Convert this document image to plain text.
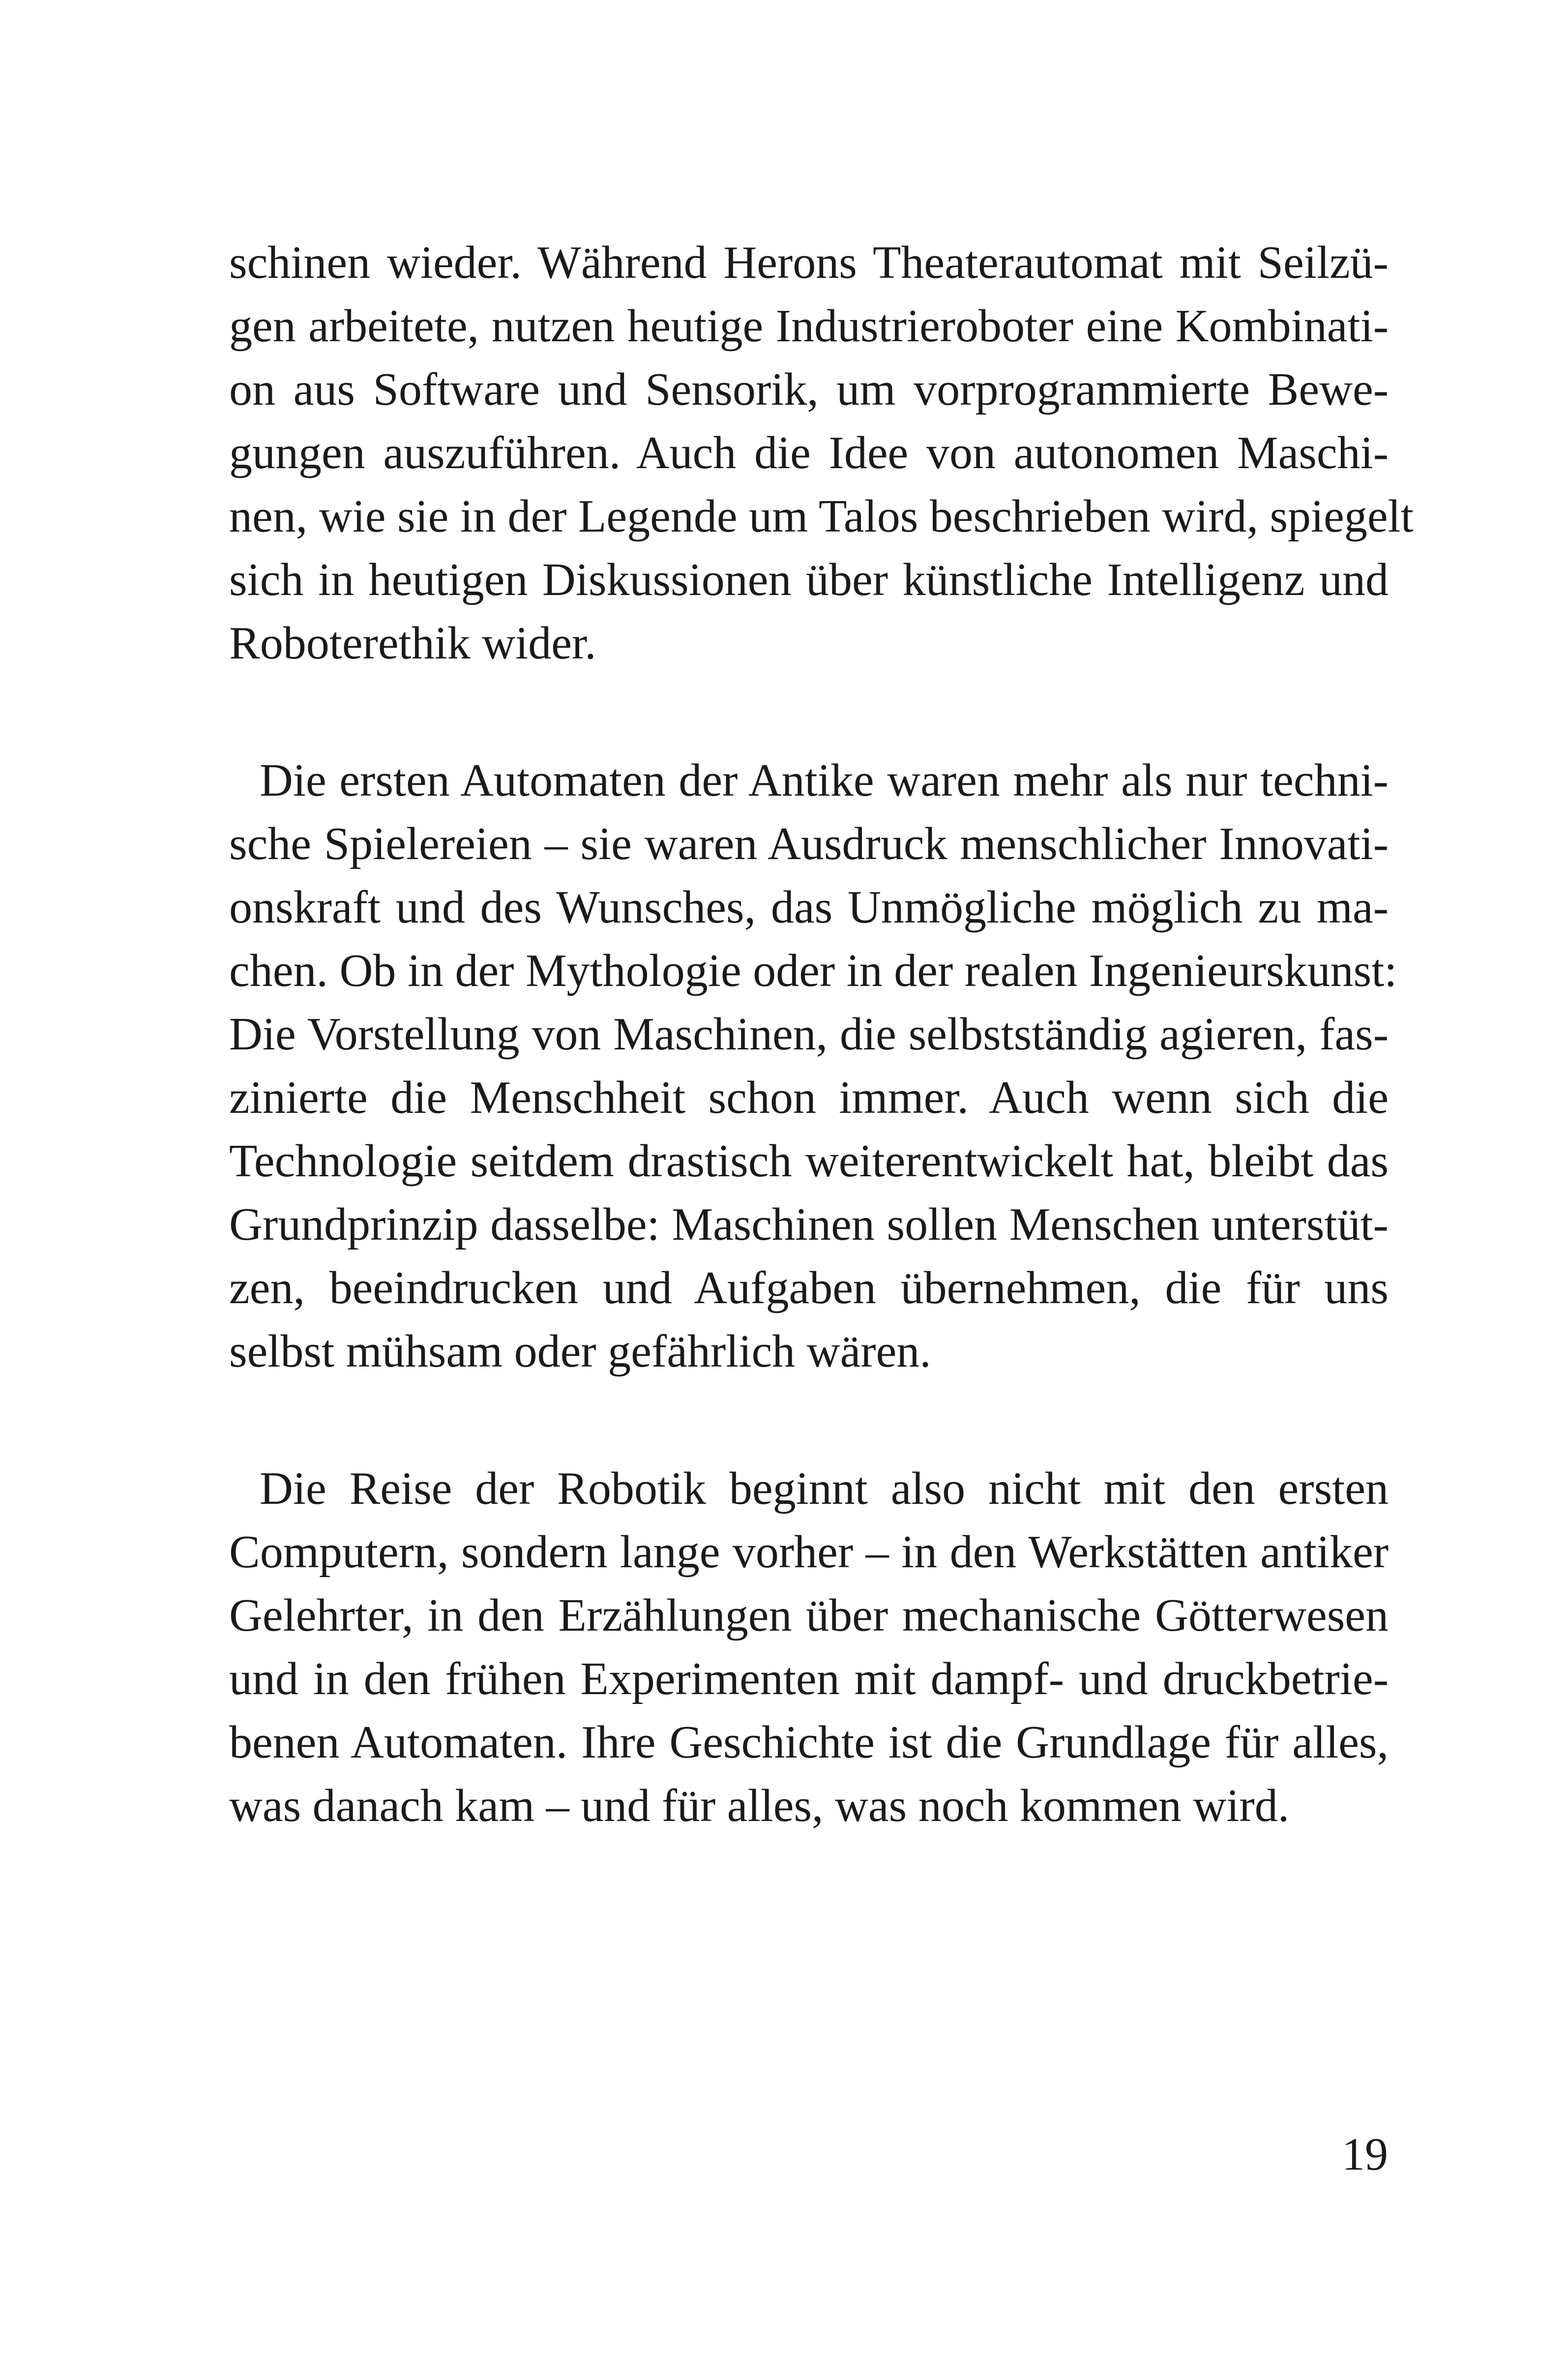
schinen wieder. Während Herons Theaterautomat mit Seilzü-
gen arbeitete, nutzen heutige Industrieroboter eine Kombinati-
on aus Software und Sensorik, um vorprogrammierte Bewe-
gungen auszuführen. Auch die Idee von autonomen Maschi-
nen, wie sie in der Legende um Talos beschrieben wird, spiegelt
sich in heutigen Diskussionen über künstliche Intelligenz und
Roboterethik wider.

Die ersten Automaten der Antike waren mehr als nur techni-
sche Spielereien – sie waren Ausdruck menschlicher Innovati-
onskraft und des Wunsches, das Unmögliche möglich zu ma-
chen. Ob in der Mythologie oder in der realen Ingenieurskunst:
Die Vorstellung von Maschinen, die selbstständig agieren, fas-
zinierte die Menschheit schon immer. Auch wenn sich die
Technologie seitdem drastisch weiterentwickelt hat, bleibt das
Grundprinzip dasselbe: Maschinen sollen Menschen unterstüt-
zen, beeindrucken und Aufgaben übernehmen, die für uns
selbst mühsam oder gefährlich wären.

Die Reise der Robotik beginnt also nicht mit den ersten
Computern, sondern lange vorher – in den Werkstätten antiker
Gelehrter, in den Erzählungen über mechanische Götterwesen
und in den frühen Experimenten mit dampf- und druckbetrie-
benen Automaten. Ihre Geschichte ist die Grundlage für alles,
was danach kam – und für alles, was noch kommen wird.

19
